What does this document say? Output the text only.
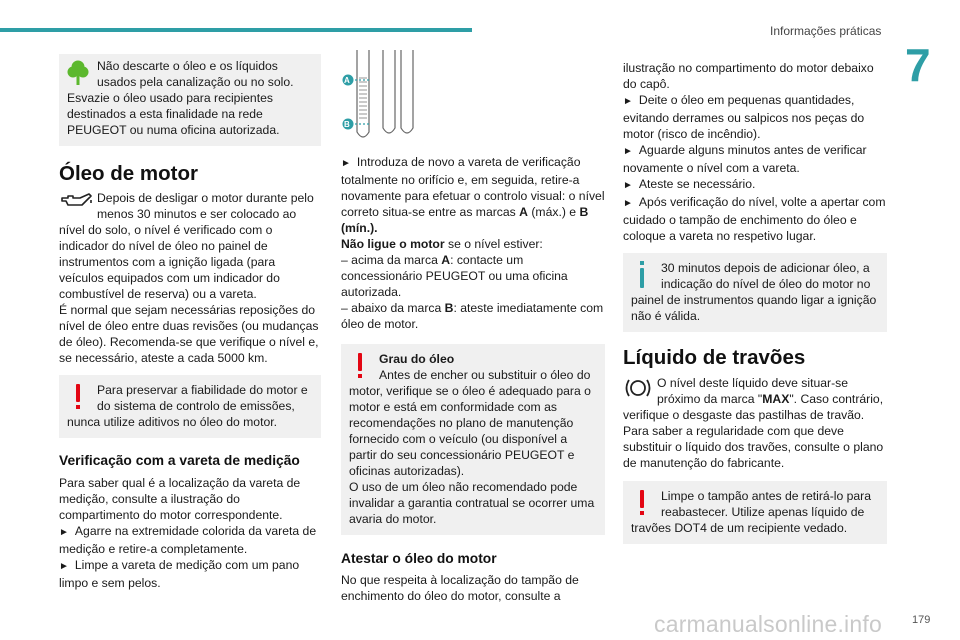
Informações práticas
7

Não descarte o óleo e os líquidos usados pela canalização ou no solo. Esvazie o óleo usado para recipientes destinados a esta finalidade na rede PEUGEOT ou numa oficina autorizada.

Óleo de motor

Depois de desligar o motor durante pelo menos 30 minutos e ser colocado ao nível do solo, o nível é verificado com o indicador do nível de óleo no painel de instrumentos com a ignição ligada (para veículos equipados com um indicador do combustível de reserva) ou a vareta.

É normal que sejam necessárias reposições do nível de óleo entre duas revisões (ou mudanças de óleo). Recomenda-se que verifique o nível e, se necessário, ateste a cada 5000 km.

Para preservar a fiabilidade do motor e do sistema de controlo de emissões, nunca utilize aditivos no óleo do motor.

Verificação com a vareta de medição

Para saber qual é a localização da vareta de medição, consulte a ilustração do compartimento do motor correspondente.

► Agarre na extremidade colorida da vareta de medição e retire-a completamente.

► Limpe a vareta de medição com um pano limpo e sem pelos.

A
B

► Introduza de novo a vareta de verificação totalmente no orifício e, em seguida, retire-a novamente para efetuar o controlo visual: o nível correto situa-se entre as marcas A (máx.) e B (mín.).

Não ligue o motor se o nível estiver:

– acima da marca A: contacte um concessionário PEUGEOT ou uma oficina autorizada.

– abaixo da marca B: ateste imediatamente com óleo de motor.

Grau do óleo

Antes de encher ou substituir o óleo do motor, verifique se o óleo é adequado para o motor e está em conformidade com as recomendações no plano de manutenção fornecido com o veículo (ou disponível a partir do seu concessionário PEUGEOT e oficinas autorizadas).

O uso de um óleo não recomendado pode invalidar a garantia contratual se ocorrer uma avaria do motor.

Atestar o óleo do motor

No que respeita à localização do tampão de enchimento do óleo do motor, consulte a

ilustração no compartimento do motor debaixo do capô.

► Deite o óleo em pequenas quantidades, evitando derrames ou salpicos nos peças do motor (risco de incêndio).

► Aguarde alguns minutos antes de verificar novamente o nível com a vareta.

► Ateste se necessário.

► Após verificação do nível, volte a apertar com cuidado o tampão de enchimento do óleo e coloque a vareta no respetivo lugar.

30 minutos depois de adicionar óleo, a indicação do nível de óleo do motor no painel de instrumentos quando ligar a ignição não é válida.

Líquido de travões

O nível deste líquido deve situar-se próximo da marca "MAX". Caso contrário, verifique o desgaste das pastilhas de travão. Para saber a regularidade com que deve substituir o líquido dos travões, consulte o plano de manutenção do fabricante.

Limpe o tampão antes de retirá-lo para reabastecer. Utilize apenas líquido de travões DOT4 de um recipiente vedado.

carmanualsonline.info	179
